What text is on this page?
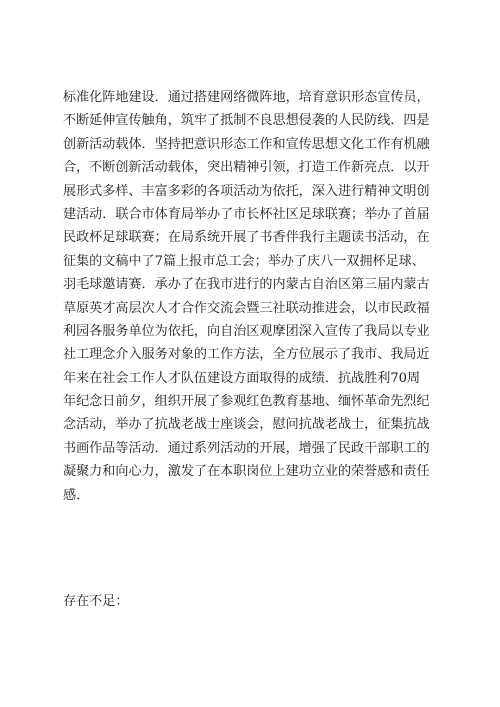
标准化阵地建设．通过搭建网络微阵地，培育意识形态宣传员，
不断延伸宣传触角，筑牢了抵制不良思想侵袭的人民防线．四是
创新活动载体．坚持把意识形态工作和宣传思想文化工作有机融
合，不断创新活动载体，突出精神引领，打造工作新亮点．以开
展形式多样、丰富多彩的各项活动为依托，深入进行精神文明创
建活动．联合市体育局举办了市长杯社区足球联赛；举办了首届
民政杯足球联赛；在局系统开展了书香伴我行主题读书活动，在
征集的文稿中了7篇上报市总工会；举办了庆八一双拥杯足球、
羽毛球邀请赛．承办了在我市进行的内蒙古自治区第三届内蒙古
草原英才高层次人才合作交流会暨三社联动推进会，以市民政福
利园各服务单位为依托，向自治区观摩团深入宣传了我局以专业
社工理念介入服务对象的工作方法，全方位展示了我市、我局近
年来在社会工作人才队伍建设方面取得的成绩．抗战胜利70周
年纪念日前夕，组织开展了参观红色教育基地、缅怀革命先烈纪
念活动，举办了抗战老战士座谈会，慰问抗战老战士，征集抗战
书画作品等活动．通过系列活动的开展，增强了民政干部职工的
凝聚力和向心力，激发了在本职岗位上建功立业的荣誉感和责任
感．
存在不足：
